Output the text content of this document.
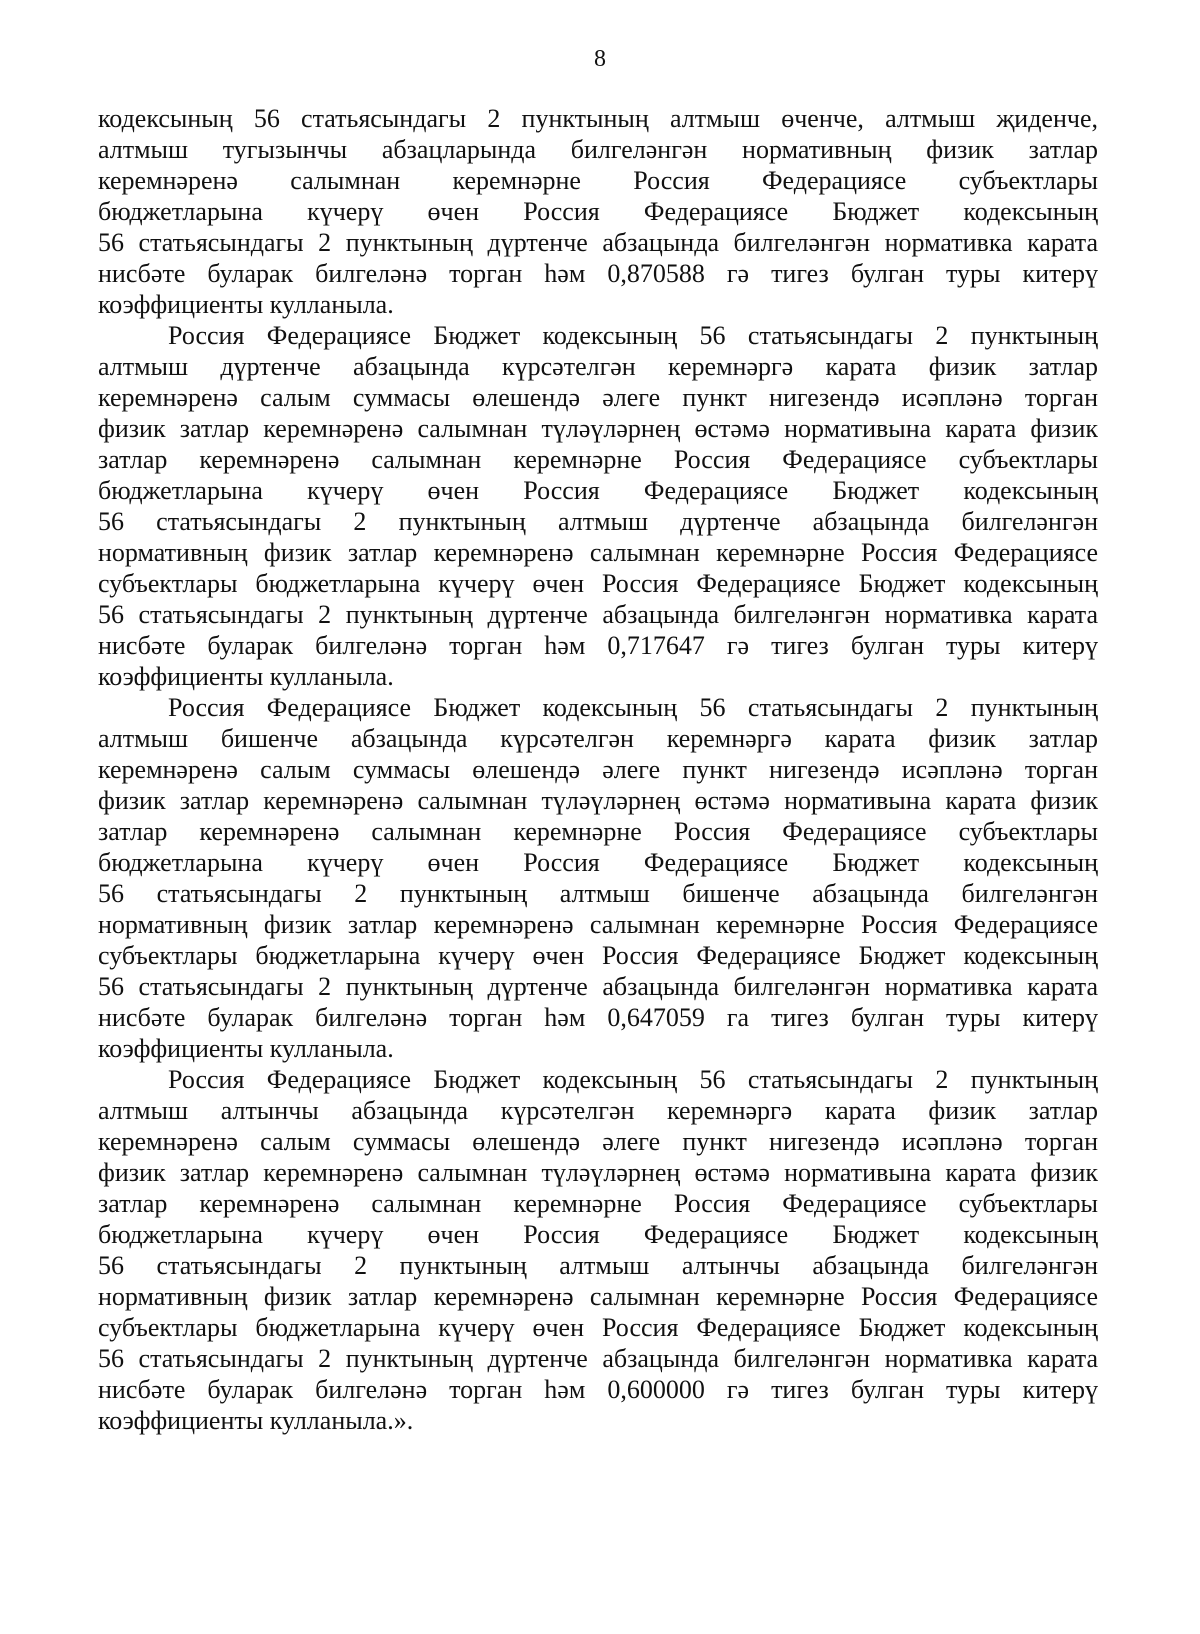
8
кодексының 56 статьясындагы 2 пунктының алтмыш өченче, алтмыш җиденче,
алтмыш тугызынчы абзацларында билгеләнгән нормативның физик затлар
керемнәренә салымнан керемнәрне Россия Федерациясе субъектлары
бюджетларына күчерү өчен Россия Федерациясе Бюджет кодексының
56 статьясындагы 2 пунктының дүртенче абзацында билгеләнгән нормативка карата
нисбәте буларак билгеләнә торган һәм 0,870588 гә тигез булган туры китерү
коэффициенты кулланыла.
Россия Федерациясе Бюджет кодексының 56 статьясындагы 2 пунктының
алтмыш дүртенче абзацында күрсәтелгән керемнәргә карата физик затлар
керемнәренә салым суммасы өлешендә әлеге пункт нигезендә исәпләнә торган
физик затлар керемнәренә салымнан түләүләрнең өстәмә нормативына карата физик
затлар керемнәренә салымнан керемнәрне Россия Федерациясе субъектлары
бюджетларына күчерү өчен Россия Федерациясе Бюджет кодексының
56 статьясындагы 2 пунктының алтмыш дүртенче абзацында билгеләнгән
нормативның физик затлар керемнәренә салымнан керемнәрне Россия Федерациясе
субъектлары бюджетларына күчерү өчен Россия Федерациясе Бюджет кодексының
56 статьясындагы 2 пунктының дүртенче абзацында билгеләнгән нормативка карата
нисбәте буларак билгеләнә торган һәм 0,717647 гә тигез булган туры китерү
коэффициенты кулланыла.
Россия Федерациясе Бюджет кодексының 56 статьясындагы 2 пунктының
алтмыш бишенче абзацында күрсәтелгән керемнәргә карата физик затлар
керемнәренә салым суммасы өлешендә әлеге пункт нигезендә исәпләнә торган
физик затлар керемнәренә салымнан түләүләрнең өстәмә нормативына карата физик
затлар керемнәренә салымнан керемнәрне Россия Федерациясе субъектлары
бюджетларына күчерү өчен Россия Федерациясе Бюджет кодексының
56 статьясындагы 2 пунктының алтмыш бишенче абзацында билгеләнгән
нормативның физик затлар керемнәренә салымнан керемнәрне Россия Федерациясе
субъектлары бюджетларына күчерү өчен Россия Федерациясе Бюджет кодексының
56 статьясындагы 2 пунктының дүртенче абзацында билгеләнгән нормативка карата
нисбәте буларак билгеләнә торган һәм 0,647059 га тигез булган туры китерү
коэффициенты кулланыла.
Россия Федерациясе Бюджет кодексының 56 статьясындагы 2 пунктының
алтмыш алтынчы абзацында күрсәтелгән керемнәргә карата физик затлар
керемнәренә салым суммасы өлешендә әлеге пункт нигезендә исәпләнә торган
физик затлар керемнәренә салымнан түләүләрнең өстәмә нормативына карата физик
затлар керемнәренә салымнан керемнәрне Россия Федерациясе субъектлары
бюджетларына күчерү өчен Россия Федерациясе Бюджет кодексының
56 статьясындагы 2 пунктының алтмыш алтынчы абзацында билгеләнгән
нормативның физик затлар керемнәренә салымнан керемнәрне Россия Федерациясе
субъектлары бюджетларына күчерү өчен Россия Федерациясе Бюджет кодексының
56 статьясындагы 2 пунктының дүртенче абзацында билгеләнгән нормативка карата
нисбәте буларак билгеләнә торган һәм 0,600000 гә тигез булган туры китерү
коэффициенты кулланыла.».
